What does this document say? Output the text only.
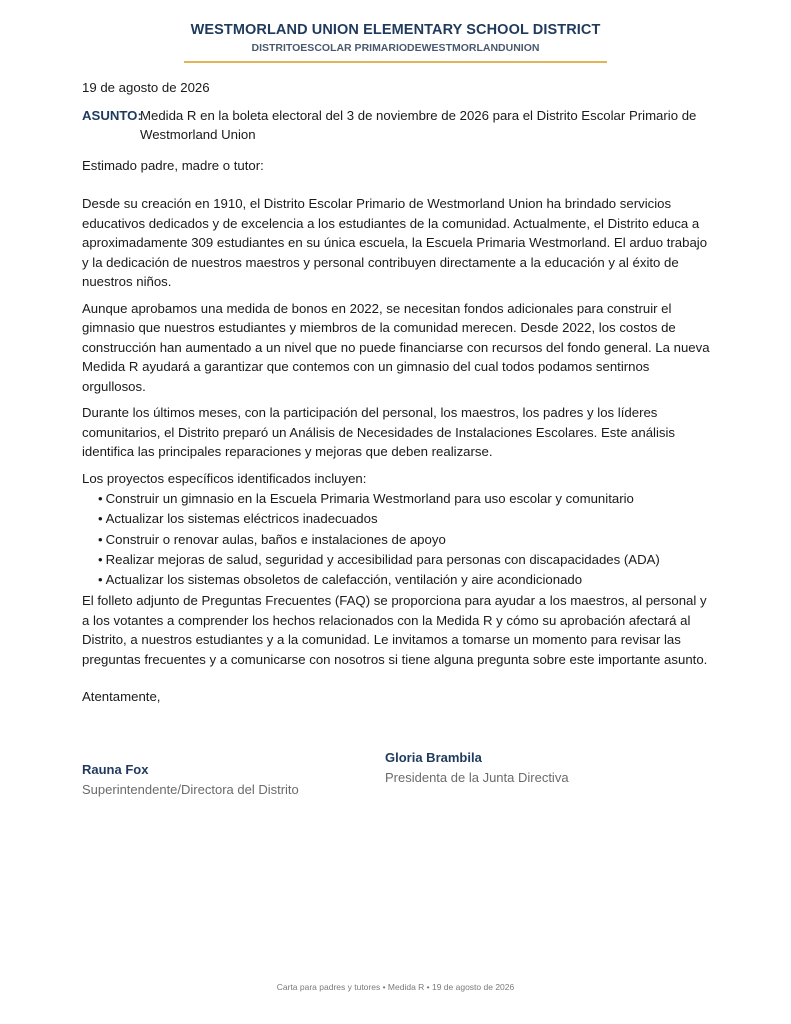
WESTMORLAND UNION ELEMENTARY SCHOOL DISTRICT

DISTRITOESCOLAR PRIMARIODEWESTMORLANDUNION

19 de agosto de 2026

ASUNTO:
Medida R en la boleta electoral del 3 de noviembre de 2026 para el Distrito Escolar Primario de Westmorland Union

Estimado padre, madre o tutor:

Desde su creación en 1910, el Distrito Escolar Primario de Westmorland Union ha brindado servicios educativos dedicados y de excelencia a los estudiantes de la comunidad. Actualmente, el Distrito educa a aproximadamente 309 estudiantes en su única escuela, la Escuela Primaria Westmorland. El arduo trabajo y la dedicación de nuestros maestros y personal contribuyen directamente a la educación y al éxito de nuestros niños.

Aunque aprobamos una medida de bonos en 2022, se necesitan fondos adicionales para construir el gimnasio que nuestros estudiantes y miembros de la comunidad merecen. Desde 2022, los costos de construcción han aumentado a un nivel que no puede financiarse con recursos del fondo general. La nueva Medida R ayudará a garantizar que contemos con un gimnasio del cual todos podamos sentirnos orgullosos.

Durante los últimos meses, con la participación del personal, los maestros, los padres y los líderes comunitarios, el Distrito preparó un Análisis de Necesidades de Instalaciones Escolares. Este análisis identifica las principales reparaciones y mejoras que deben realizarse.

Los proyectos específicos identificados incluyen:

• Construir un gimnasio en la Escuela Primaria Westmorland para uso escolar y comunitario
• Actualizar los sistemas eléctricos inadecuados
• Construir o renovar aulas, baños e instalaciones de apoyo
• Realizar mejoras de salud, seguridad y accesibilidad para personas con discapacidades (ADA)
• Actualizar los sistemas obsoletos de calefacción, ventilación y aire acondicionado

El folleto adjunto de Preguntas Frecuentes (FAQ) se proporciona para ayudar a los maestros, al personal y a los votantes a comprender los hechos relacionados con la Medida R y cómo su aprobación afectará al Distrito, a nuestros estudiantes y a la comunidad. Le invitamos a tomarse un momento para revisar las preguntas frecuentes y a comunicarse con nosotros si tiene alguna pregunta sobre este importante asunto.

Atentamente,

Rauna Fox

Superintendente/Directora del Distrito

Gloria Brambila

Presidenta de la Junta Directiva

Carta para padres y tutores • Medida R • 19 de agosto de 2026
